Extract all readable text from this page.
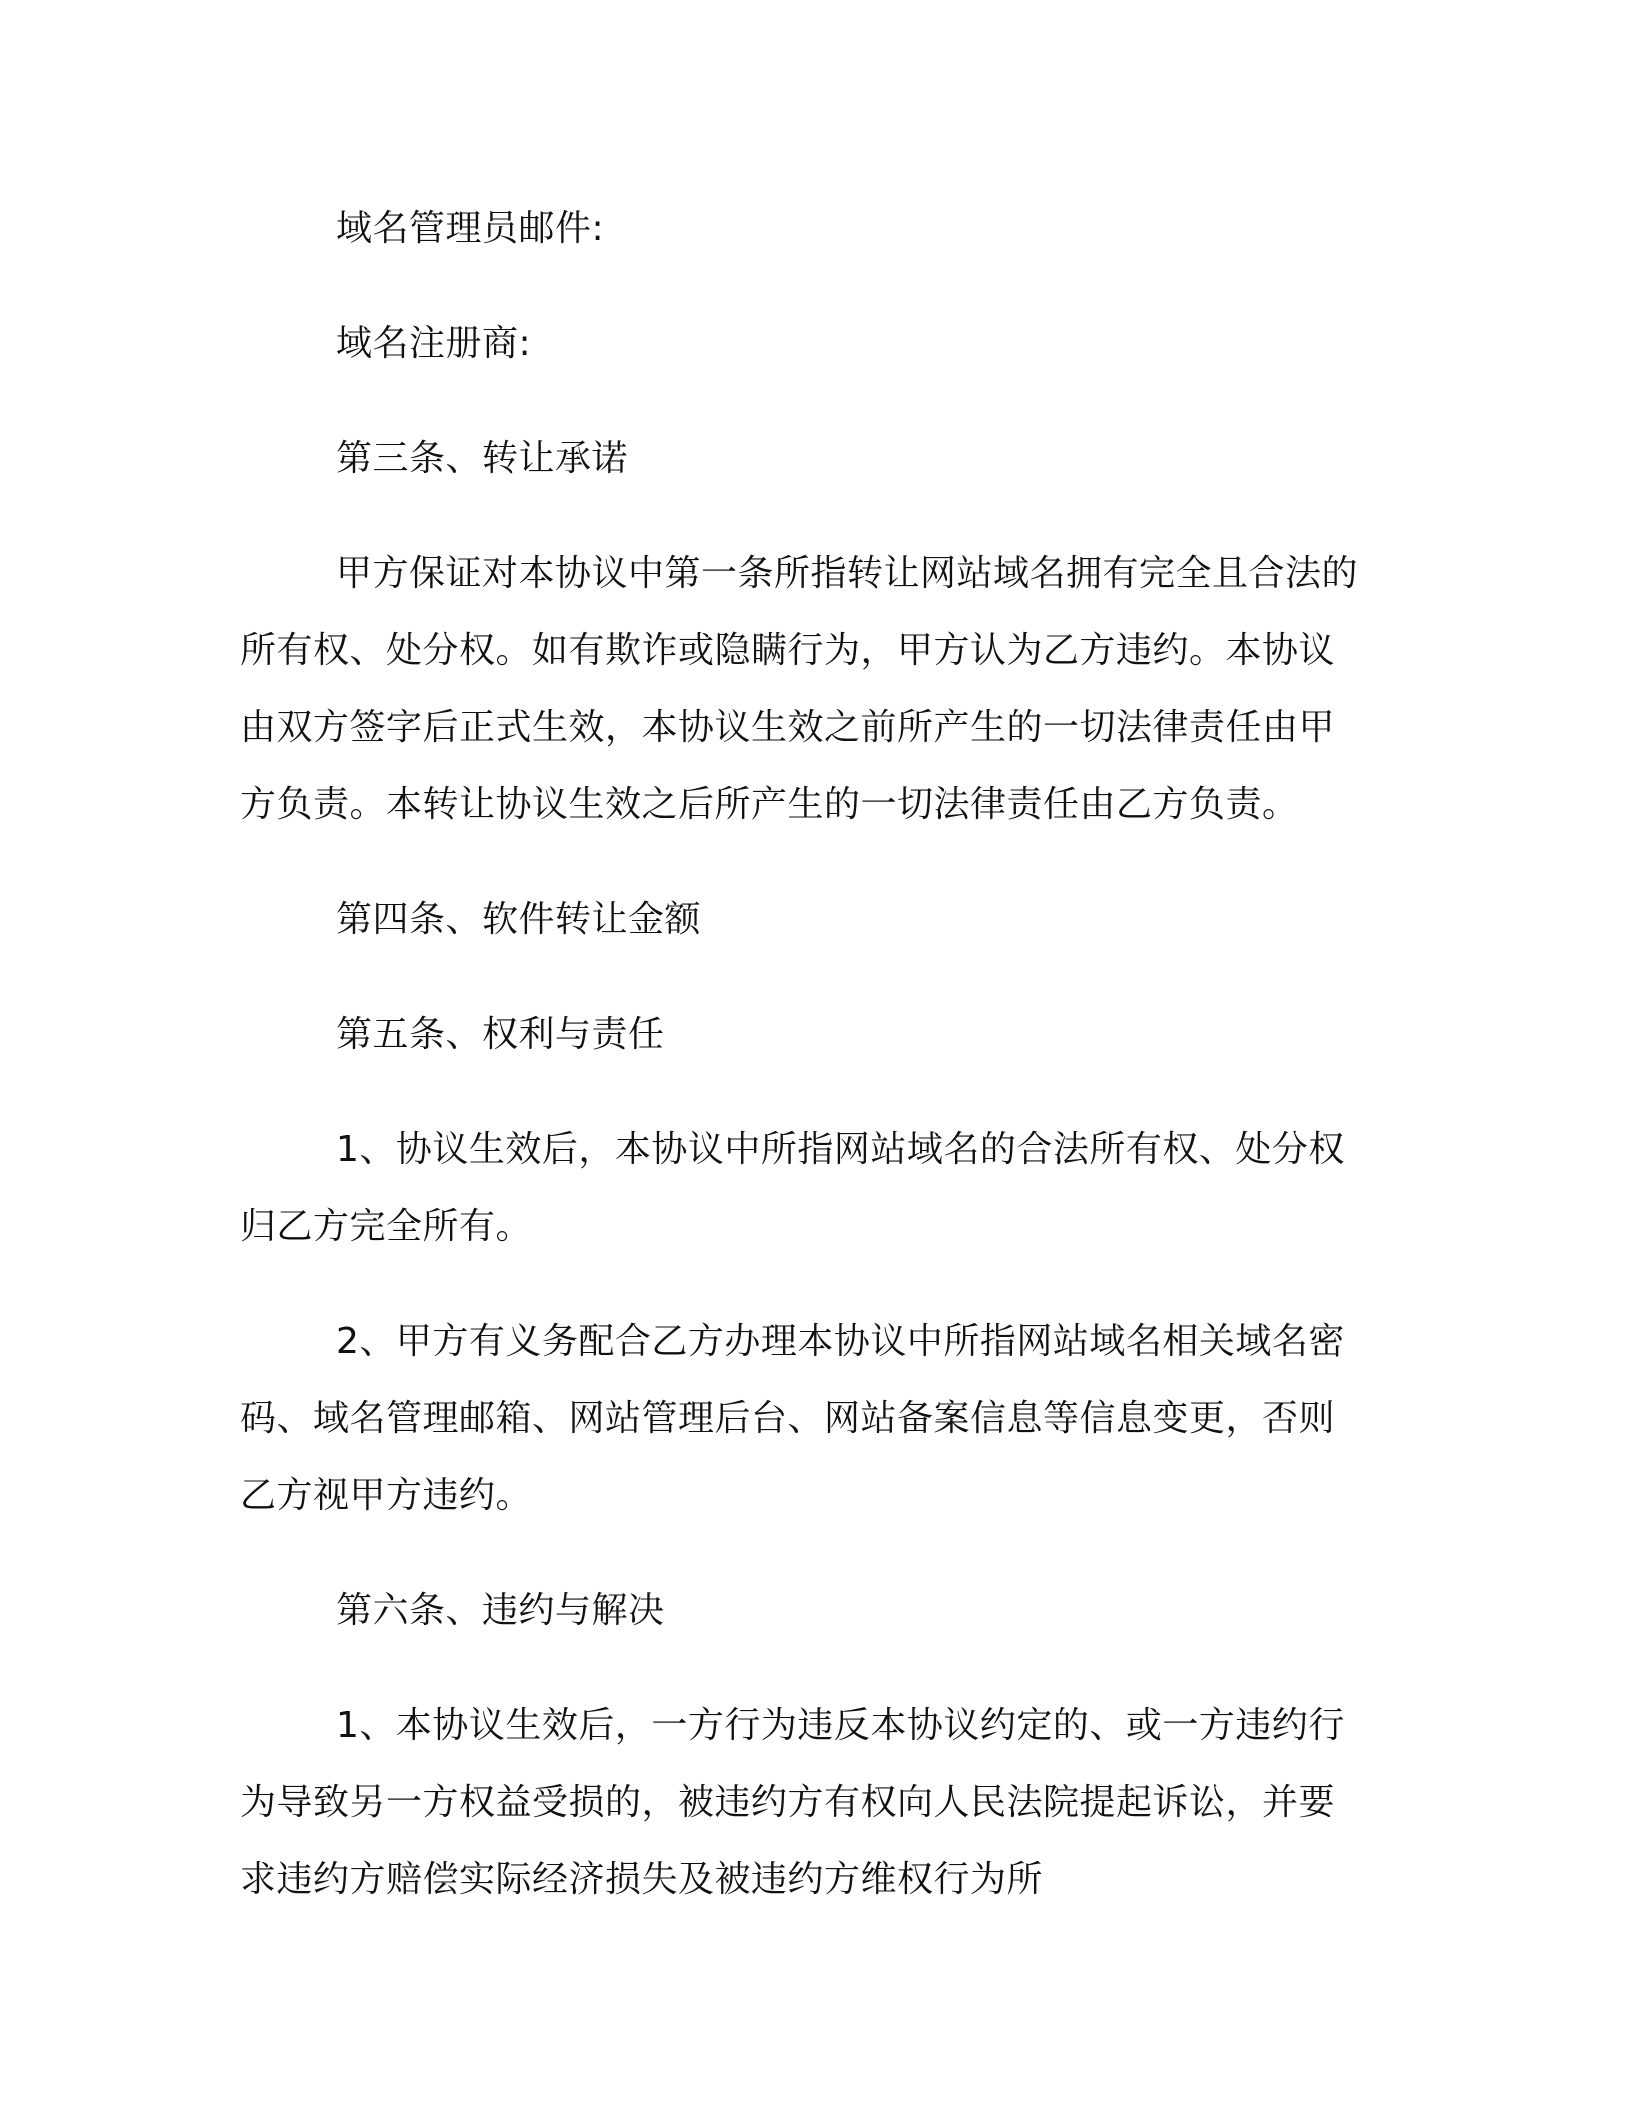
域名管理员邮件:

域名注册商:

第三条、转让承诺

甲方保证对本协议中第一条所指转让网站域名拥有完全且合法的
所有权、处分权。如有欺诈或隐瞒行为，甲方认为乙方违约。本协议
由双方签字后正式生效，本协议生效之前所产生的一切法律责任由甲
方负责。本转让协议生效之后所产生的一切法律责任由乙方负责。

第四条、软件转让金额

第五条、权利与责任

1、协议生效后，本协议中所指网站域名的合法所有权、处分权
归乙方完全所有。

2、甲方有义务配合乙方办理本协议中所指网站域名相关域名密
码、域名管理邮箱、网站管理后台、网站备案信息等信息变更，否则
乙方视甲方违约。

第六条、违约与解决

1、本协议生效后，一方行为违反本协议约定的、或一方违约行
为导致另一方权益受损的，被违约方有权向人民法院提起诉讼，并要
求违约方赔偿实际经济损失及被违约方维权行为所
